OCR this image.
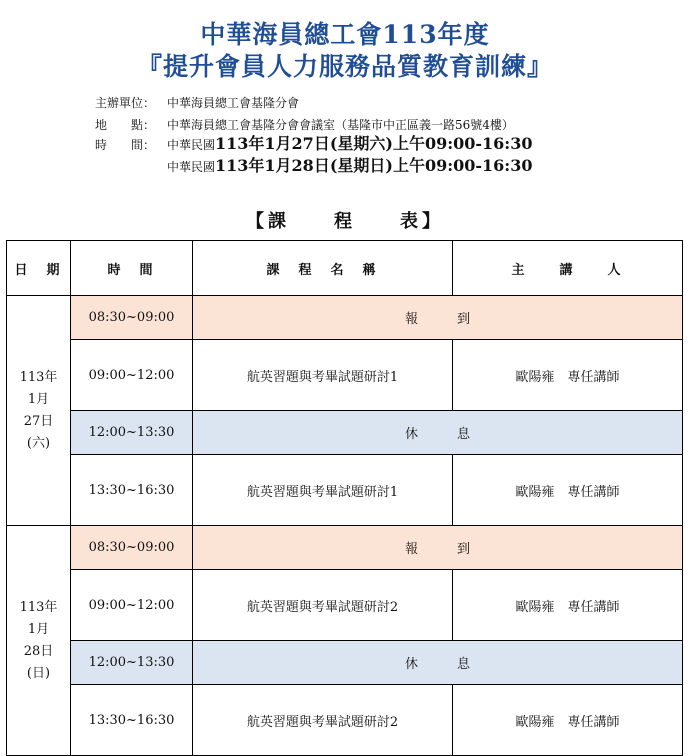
中華海員總工會113年度
『提升會員人力服務品質教育訓練』
主辦單位： 中華海員總工會基隆分會
地　　點： 中華海員總工會基隆分會會議室（基隆市中正區義一路56號4樓）
時　　間： 中華民國113年1月27日(星期六)上午09:00-16:30
中華民國113年1月28日(星期日)上午09:00-16:30
【課　　程　　表】
日　期	時　間	課　程　名　稱	主　　講　　人

113年
1月
27日
(六)	08:30~09:00	報　　　到	
	09:00~12:00	航英習題與考畢試題研討1	歐陽雍　專任講師
	12:00~13:30	休　　　息	
	13:30~16:30	航英習題與考畢試題研討1	歐陽雍　專任講師

113年
1月
28日
(日)	08:30~09:00	報　　　到	
	09:00~12:00	航英習題與考畢試題研討2	歐陽雍　專任講師
	12:00~13:30	休　　　息	
	13:30~16:30	航英習題與考畢試題研討2	歐陽雍　專任講師
